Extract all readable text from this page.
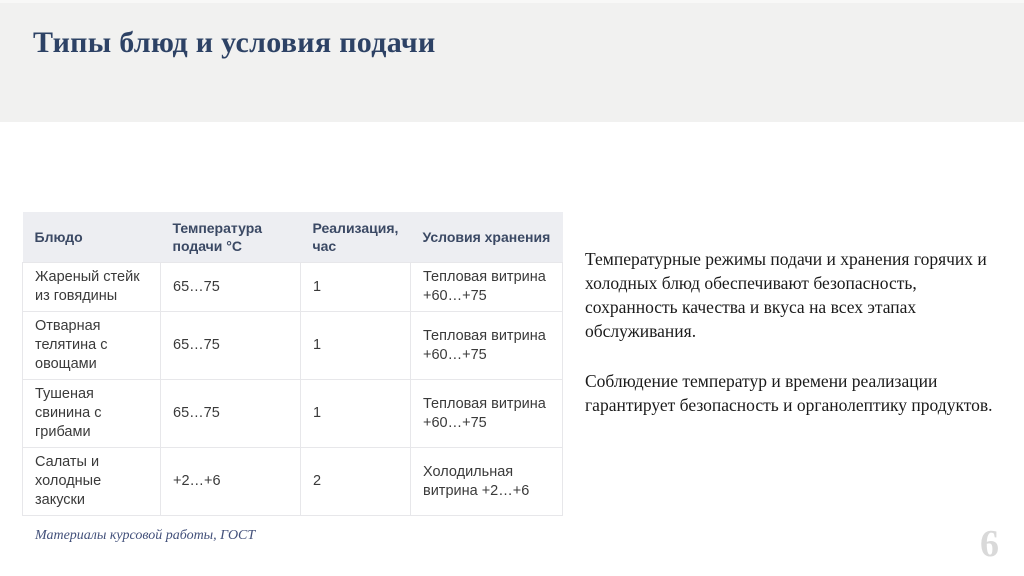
Типы блюд и условия подачи
Блюдо	Температура подачи °С	Реализация, час	Условия хранения
Жареный стейк из говядины	65…75	1	Тепловая витрина +60…+75
Отварная телятина с овощами	65…75	1	Тепловая витрина +60…+75
Тушеная свинина с грибами	65…75	1	Тепловая витрина +60…+75
Салаты и холодные закуски	+2…+6	2	Холодильная витрина +2…+6

Температурные режимы подачи и хранения горячих и холодных блюд обеспечивают безопасность, сохранность качества и вкуса на всех этапах обслуживания.

Соблюдение температур и времени реализации гарантирует безопасность и органолептику продуктов.

Материалы курсовой работы, ГОСТ	6
